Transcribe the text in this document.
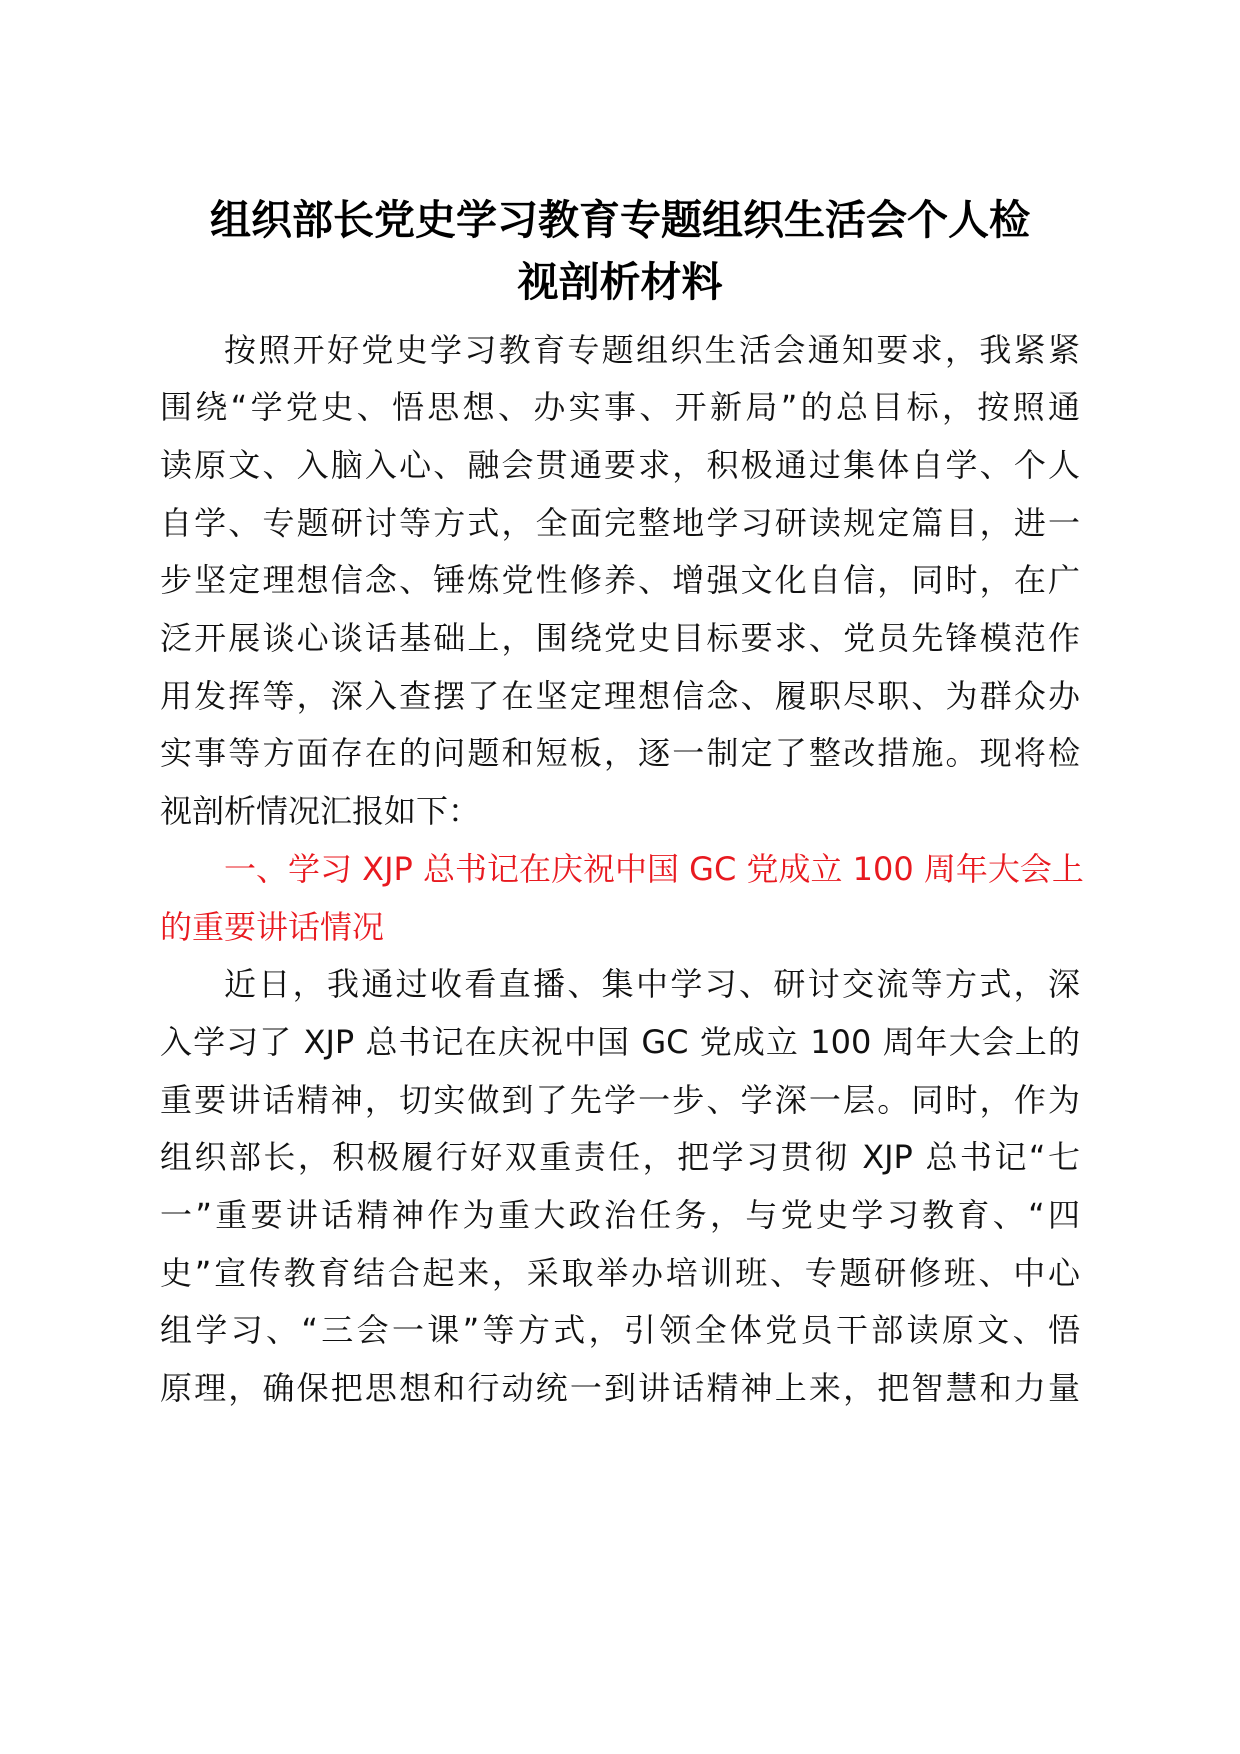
组织部长党史学习教育专题组织生活会个人检
视剖析材料
按照开好党史学习教育专题组织生活会通知要求，我紧紧
围绕“学党史、悟思想、办实事、开新局”的总目标，按照通
读原文、入脑入心、融会贯通要求，积极通过集体自学、个人
自学、专题研讨等方式，全面完整地学习研读规定篇目，进一
步坚定理想信念、锤炼党性修养、增强文化自信，同时，在广
泛开展谈心谈话基础上，围绕党史目标要求、党员先锋模范作
用发挥等，深入查摆了在坚定理想信念、履职尽职、为群众办
实事等方面存在的问题和短板，逐一制定了整改措施。现将检
视剖析情况汇报如下：
一、学习 XJP 总书记在庆祝中国 GC 党成立 100 周年大会上
的重要讲话情况
近日，我通过收看直播、集中学习、研讨交流等方式，深
入学习了 XJP 总书记在庆祝中国 GC 党成立 100 周年大会上的
重要讲话精神，切实做到了先学一步、学深一层。同时，作为
组织部长，积极履行好双重责任，把学习贯彻 XJP 总书记“七
一”重要讲话精神作为重大政治任务，与党史学习教育、“四
史”宣传教育结合起来，采取举办培训班、专题研修班、中心
组学习、“三会一课”等方式，引领全体党员干部读原文、悟
原理，确保把思想和行动统一到讲话精神上来，把智慧和力量
